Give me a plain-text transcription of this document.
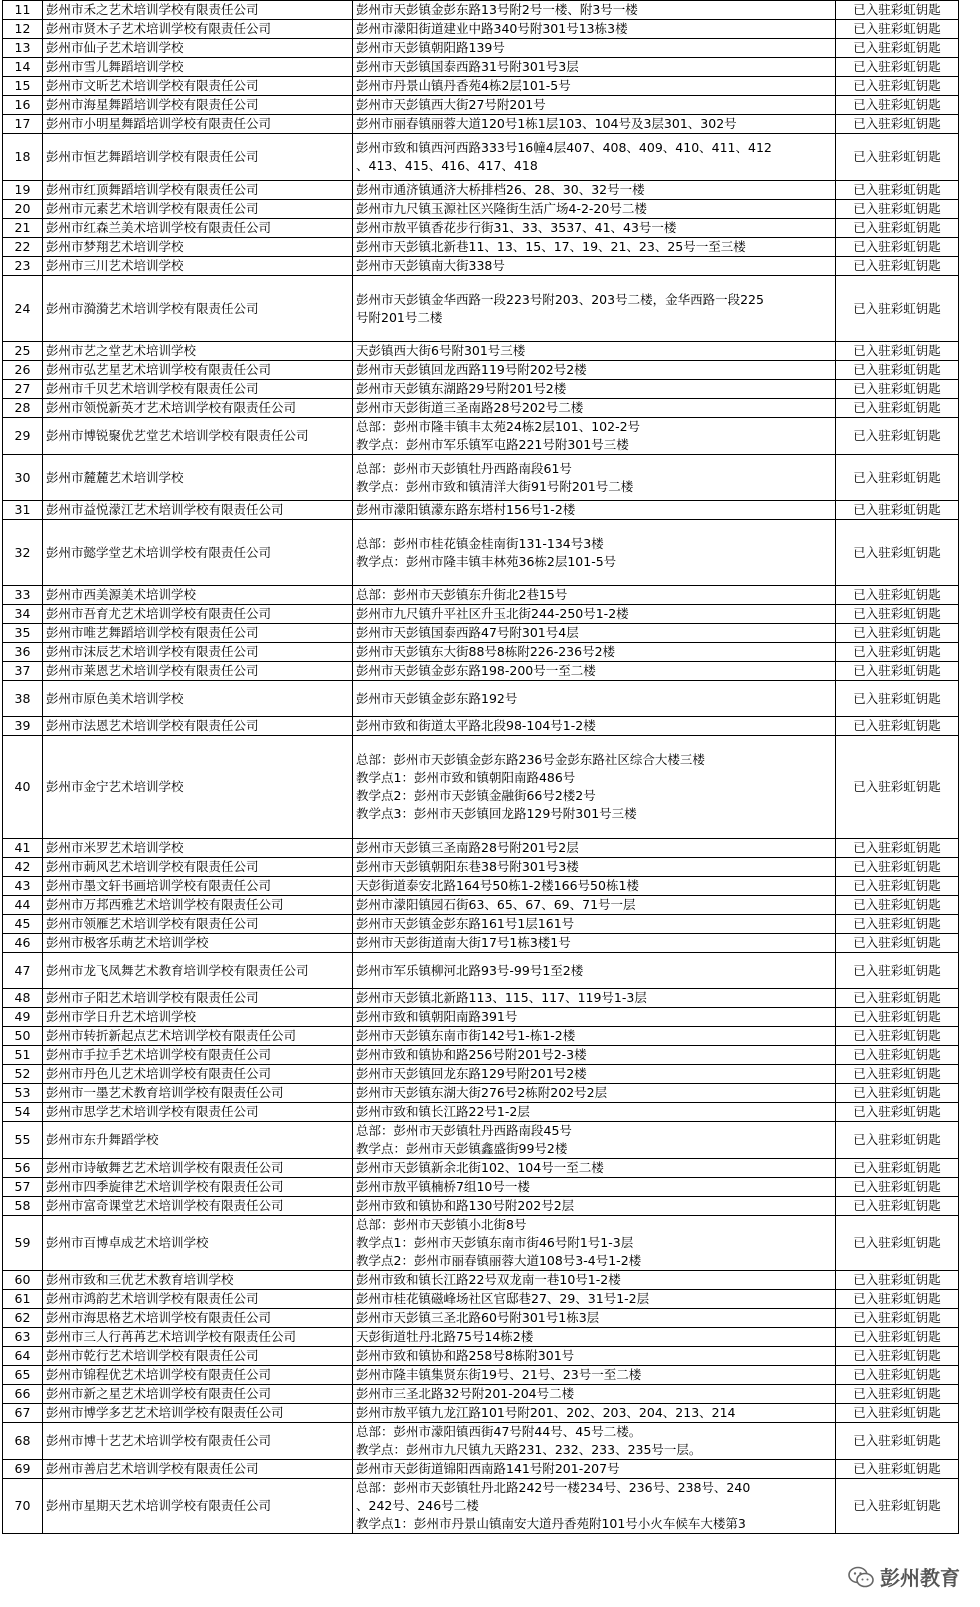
11	彭州市禾之艺术培训学校有限责任公司	彭州市天彭镇金彭东路13号附2号一楼、附3号一楼	已入驻彩虹钥匙
12	彭州市贤木子艺术培训学校有限责任公司	彭州市濛阳街道建业中路340号附301号13栋3楼	已入驻彩虹钥匙
13	彭州市仙子艺术培训学校	彭州市天彭镇朝阳路139号	已入驻彩虹钥匙
14	彭州市雪儿舞蹈培训学校	彭州市天彭镇国泰西路31号附301号3层	已入驻彩虹钥匙
15	彭州市文昕艺术培训学校有限责任公司	彭州市丹景山镇丹香苑4栋2层101-5号	已入驻彩虹钥匙
16	彭州市海星舞蹈培训学校有限责任公司	彭州市天彭镇西大街27号附201号	已入驻彩虹钥匙
17	彭州市小明星舞蹈培训学校有限责任公司	彭州市丽春镇丽蓉大道120号1栋1层103、104号及3层301、302号	已入驻彩虹钥匙
18	彭州市恒艺舞蹈培训学校有限责任公司	彭州市致和镇西河西路333号16幢4层407、408、409、410、411、412
、413、415、416、417、418	已入驻彩虹钥匙
19	彭州市红顶舞蹈培训学校有限责任公司	彭州市通济镇通济大桥排档26、28、30、32号一楼	已入驻彩虹钥匙
20	彭州市元素艺术培训学校有限责任公司	彭州市九尺镇玉源社区兴隆街生活广场4-2-20号二楼	已入驻彩虹钥匙
21	彭州市红森兰美术培训学校有限责任公司	彭州市敖平镇香花步行街31、33、3537、41、43号一楼	已入驻彩虹钥匙
22	彭州市梦翔艺术培训学校	彭州市天彭镇北新巷11、13、15、17、19、21、23、25号一至三楼	已入驻彩虹钥匙
23	彭州市三川艺术培训学校	彭州市天彭镇南大街338号	已入驻彩虹钥匙
24	彭州市漪漪艺术培训学校有限责任公司	彭州市天彭镇金华西路一段223号附203、203号二楼，金华西路一段225
号附201号二楼	已入驻彩虹钥匙
25	彭州市艺之堂艺术培训学校	天彭镇西大街6号附301号三楼	已入驻彩虹钥匙
26	彭州市弘艺星艺术培训学校有限责任公司	彭州市天彭镇回龙西路119号附202号2楼	已入驻彩虹钥匙
27	彭州市千贝艺术培训学校有限责任公司	彭州市天彭镇东湖路29号附201号2楼	已入驻彩虹钥匙
28	彭州市领悦新英才艺术培训学校有限责任公司	彭州市天彭街道三圣南路28号202号二楼	已入驻彩虹钥匙
29	彭州市博锐聚优艺堂艺术培训学校有限责任公司	总部：彭州市隆丰镇丰太苑24栋2层101、102-2号
教学点：彭州市军乐镇军屯路221号附301号三楼	已入驻彩虹钥匙
30	彭州市麓麓艺术培训学校	总部：彭州市天彭镇牡丹西路南段61号
教学点：彭州市致和镇清洋大街91号附201号二楼	已入驻彩虹钥匙
31	彭州市益悦濛江艺术培训学校有限责任公司	彭州市濛阳镇濛东路东塔村156号1-2楼	已入驻彩虹钥匙
32	彭州市懿学堂艺术培训学校有限责任公司	总部：彭州市桂花镇金桂南街131-134号3楼
教学点：彭州市隆丰镇丰林苑36栋2层101-5号	已入驻彩虹钥匙
33	彭州市西美源美术培训学校	总部：彭州市天彭镇东升街北2巷15号	已入驻彩虹钥匙
34	彭州市吾育尤艺术培训学校有限责任公司	彭州市九尺镇升平社区升玉北街244-250号1-2楼	已入驻彩虹钥匙
35	彭州市唯艺舞蹈培训学校有限责任公司	彭州市天彭镇国泰西路47号附301号4层	已入驻彩虹钥匙
36	彭州市沫辰艺术培训学校有限责任公司	彭州市天彭镇东大街88号8栋附226-236号2楼	已入驻彩虹钥匙
37	彭州市莱恩艺术培训学校有限责任公司	彭州市天彭镇金彭东路198-200号一至二楼	已入驻彩虹钥匙
38	彭州市原色美术培训学校	彭州市天彭镇金彭东路192号	已入驻彩虹钥匙
39	彭州市法恩艺术培训学校有限责任公司	彭州市致和街道太平路北段98-104号1-2楼	已入驻彩虹钥匙
40	彭州市金宁艺术培训学校	总部：彭州市天彭镇金彭东路236号金彭东路社区综合大楼三楼
教学点1：彭州市致和镇朝阳南路486号
教学点2：彭州市天彭镇金融街66号2楼2号
教学点3：彭州市天彭镇回龙路129号附301号三楼	已入驻彩虹钥匙
41	彭州市米罗艺术培训学校	彭州市天彭镇三圣南路28号附201号2层	已入驻彩虹钥匙
42	彭州市莿风艺术培训学校有限责任公司	彭州市天彭镇朝阳东巷38号附301号3楼	已入驻彩虹钥匙
43	彭州市墨文轩书画培训学校有限责任公司	天彭街道泰安北路164号50栋1-2楼166号50栋1楼	已入驻彩虹钥匙
44	彭州市万邦西雅艺术培训学校有限责任公司	彭州市濛阳镇园石街63、65、67、69、71号一层	已入驻彩虹钥匙
45	彭州市领雁艺术培训学校有限责任公司	彭州市天彭镇金彭东路161号1层161号	已入驻彩虹钥匙
46	彭州市极客乐萌艺术培训学校	彭州市天彭街道南大街17号1栋3楼1号	已入驻彩虹钥匙
47	彭州市龙飞凤舞艺术教育培训学校有限责任公司	彭州市军乐镇柳河北路93号-99号1至2楼	已入驻彩虹钥匙
48	彭州市子阳艺术培训学校有限责任公司	彭州市天彭镇北新路113、115、117、119号1-3层	已入驻彩虹钥匙
49	彭州市学日升艺术培训学校	彭州市致和镇朝阳南路391号	已入驻彩虹钥匙
50	彭州市转折新起点艺术培训学校有限责任公司	彭州市天彭镇东南市街142号1-栋1-2楼	已入驻彩虹钥匙
51	彭州市手拉手艺术培训学校有限责任公司	彭州市致和镇协和路256号附201号2-3楼	已入驻彩虹钥匙
52	彭州市丹色儿艺术培训学校有限责任公司	彭州市天彭镇回龙东路129号附201号2楼	已入驻彩虹钥匙
53	彭州市一墨艺术教育培训学校有限责任公司	彭州市天彭镇东湖大街276号2栋附202号2层	已入驻彩虹钥匙
54	彭州市思学艺术培训学校有限责任公司	彭州市致和镇长江路22号1-2层	已入驻彩虹钥匙
55	彭州市东升舞蹈学校	总部：彭州市天彭镇牡丹西路南段45号
教学点：彭州市天彭镇鑫盛街99号2楼	已入驻彩虹钥匙
56	彭州市诗敏舞艺艺术培训学校有限责任公司	彭州市天彭镇新余北街102、104号一至二楼	已入驻彩虹钥匙
57	彭州市四季旋律艺术培训学校有限责任公司	彭州市敖平镇楠桥7组10号一楼	已入驻彩虹钥匙
58	彭州市富奇课堂艺术培训学校有限责任公司	彭州市致和镇协和路130号附202号2层	已入驻彩虹钥匙
59	彭州市百博卓成艺术培训学校	总部：彭州市天彭镇小北街8号
教学点1：彭州市天彭镇东南市街46号附1号1-3层
教学点2：彭州市丽春镇丽蓉大道108号3-4号1-2楼	已入驻彩虹钥匙
60	彭州市致和三优艺术教育培训学校	彭州市致和镇长江路22号双龙南一巷10号1-2楼	已入驻彩虹钥匙
61	彭州市鸿韵艺术培训学校有限责任公司	彭州市桂花镇磁峰场社区官邸巷27、29、31号1-2层	已入驻彩虹钥匙
62	彭州市海思格艺术培训学校有限责任公司	彭州市天彭镇三圣北路60号附301号1栋3层	已入驻彩虹钥匙
63	彭州市三人行苒苒艺术培训学校有限责任公司	天彭街道牡丹北路75号14栋2楼	已入驻彩虹钥匙
64	彭州市乾行艺术培训学校有限责任公司	彭州市致和镇协和路258号8栋附301号	已入驻彩虹钥匙
65	彭州市锦程优艺术培训学校有限责任公司	彭州市隆丰镇集贤东街19号、21号、23号一至二楼	已入驻彩虹钥匙
66	彭州市新之星艺术培训学校有限责任公司	彭州市三圣北路32号附201-204号二楼	已入驻彩虹钥匙
67	彭州市博学多艺艺术培训学校有限责任公司	彭州市敖平镇九龙江路101号附201、202、203、204、213、214	已入驻彩虹钥匙
68	彭州市博十艺艺术培训学校有限责任公司	总部：彭州市濛阳镇西街47号附44号、45号二楼。
教学点：彭州市九尺镇九天路231、232、233、235号一层。	已入驻彩虹钥匙
69	彭州市善启艺术培训学校有限责任公司	彭州市天彭街道锦阳西南路141号附201-207号	已入驻彩虹钥匙
70	彭州市星期天艺术培训学校有限责任公司	总部：彭州市天彭镇牡丹北路242号一楼234号、236号、238号、240
、242号、246号二楼
教学点1：彭州市丹景山镇南安大道丹香苑附101号小火车候车大楼第3	已入驻彩虹钥匙
彭州教育
